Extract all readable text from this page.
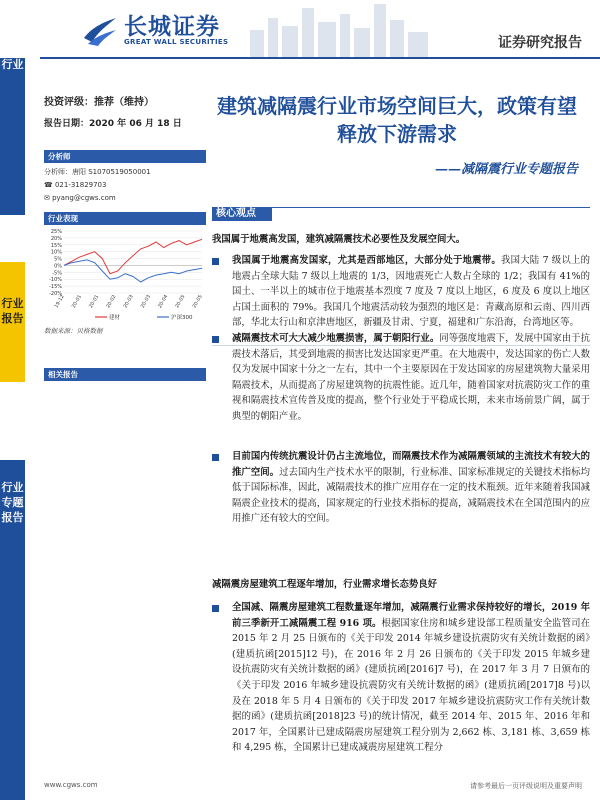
行业
行业报告
行业专题报告
长城证券
GREAT WALL SECURITIES	证券研究报告
投资评级：推荐（维持）
报告日期：2020 年 06 月 18 日
分析师
分析师：唐阳 S1070519050001
☎ 021-31829703
✉ pyang@cgws.com
行业表现
25%
20%
15%
10%
5%
0%
-5%
-10%
-15%
-20%
19-12 20-01 20-01 20-02 20-03 20-03 20-04 20-05 20-05
建材	沪深300
数据来源：贝格数据
相关报告
建筑减隔震行业市场空间巨大，政策有望释放下游需求
——减隔震行业专题报告
核心观点
我国属于地震高发国，建筑减隔震技术必要性及发展空间大。
我国属于地震高发国家，尤其是西部地区，大部分处于地震带。我国大陆 7 级以上的地震占全球大陆 7 级以上地震的 1/3，因地震死亡人数占全球的 1/2；我国有 41%的国土、一半以上的城市位于地震基本烈度 7 度及 7 度以上地区，6 度及 6 度以上地区占国土面积的 79%。我国几个地震活动较为强烈的地区是：青藏高原和云南、四川西部，华北太行山和京津唐地区，新疆及甘肃、宁夏，福建和广东沿海，台湾地区等。
减隔震技术可大大减少地震损害，属于朝阳行业。同等强度地震下，发展中国家由于抗震技术落后，其受到地震的损害比发达国家更严重。在大地震中，发达国家的伤亡人数仅为发展中国家十分之一左右，其中一个主要原因在于发达国家的房屋建筑物大量采用隔震技术，从而提高了房屋建筑物的抗震性能。近几年，随着国家对抗震防灾工作的重视和隔震技术宣传普及度的提高，整个行业处于平稳成长期，未来市场前景广阔，属于典型的朝阳产业。
目前国内传统抗震设计仍占主流地位，而隔震技术作为减隔震领域的主流技术有较大的推广空间。过去国内生产技术水平的限制，行业标准、国家标准规定的关键技术指标均低于国际标准，因此，减隔震技术的推广应用存在一定的技术瓶颈。近年来随着我国减隔震企业技术的提高，国家规定的行业技术指标的提高，减隔震技术在全国范围内的应用推广还有较大的空间。
减隔震房屋建筑工程逐年增加，行业需求增长态势良好
全国减、隔震房屋建筑工程数量逐年增加，减隔震行业需求保持较好的增长，2019 年前三季新开工减隔震工程 916 项。根据国家住房和城乡建设部工程质量安全监管司在 2015 年 2 月 25 日颁布的《关于印发 2014 年城乡建设抗震防灾有关统计数据的函》(建质抗函[2015]12 号)，在 2016 年 2 月 26 日颁布的《关于印发 2015 年城乡建设抗震防灾有关统计数据的函》(建质抗函[2016]7 号)，在 2017 年 3 月 7 日颁布的《关于印发 2016 年城乡建设抗震防灾有关统计数据的函》(建质抗函[2017]8 号)以及在 2018 年 5 月 4 日颁布的《关于印发 2017 年城乡建设抗震防灾工作有关统计数据的函》(建质抗函[2018]23 号)的统计情况，截至 2014 年、2015 年、2016 年和 2017 年，全国累计已建成隔震房屋建筑工程分别为 2,662 栋、3,181 栋、3,659 栋和 4,295 栋，全国累计已建成减震房屋建筑工程分
www.cgws.com	请参考最后一页评级说明及重要声明
